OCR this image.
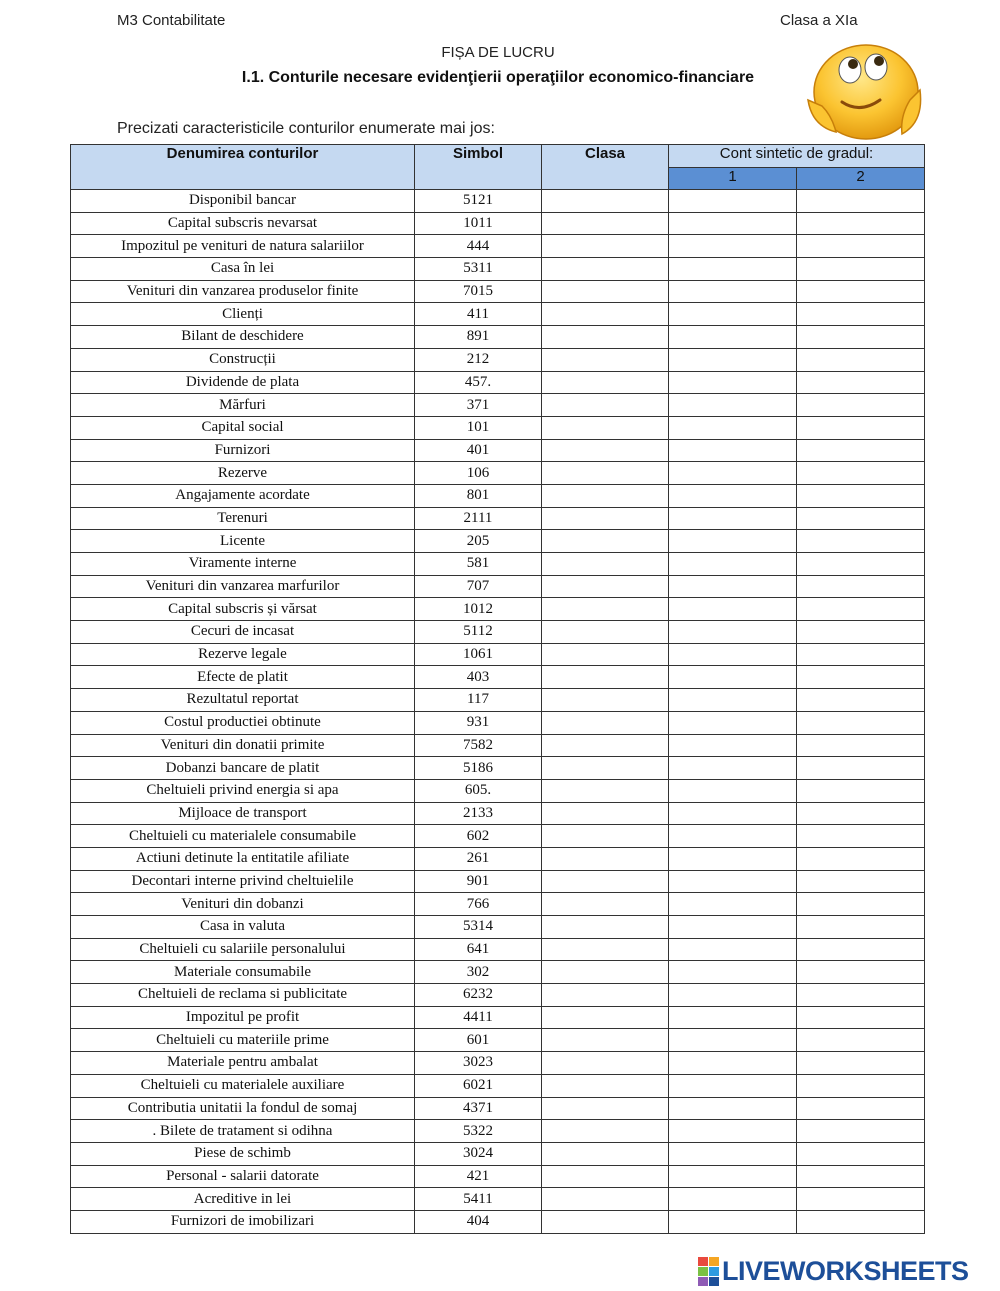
M3 Contabilitate	Clasa a XIa
FIȘA DE LUCRU
I.1. Conturile necesare evidenţierii operaţiilor economico-financiare
Precizati caracteristicile conturilor enumerate mai jos:
Denumirea conturilor	Simbol	Clasa	Cont sintetic de gradul:	
			1	2
Disponibil bancar	5121			
Capital subscris nevarsat	1011			
Impozitul pe venituri de natura salariilor	444			
Casa în lei	5311			
Venituri din vanzarea produselor finite	7015			
Clienți	411			
Bilant de deschidere	891			
Construcții	212			
Dividende de plata	457.			
Mărfuri	371			
Capital social	101			
Furnizori	401			
Rezerve	106			
Angajamente acordate	801			
Terenuri	2111			
Licente	205			
Viramente interne	581			
Venituri din vanzarea marfurilor	707			
Capital subscris și vărsat	1012			
Cecuri de incasat	5112			
Rezerve legale	1061			
Efecte de platit	403			
Rezultatul reportat	117			
Costul productiei obtinute	931			
Venituri din donatii primite	7582			
Dobanzi bancare de platit	5186			
Cheltuieli privind energia si apa	605.			
Mijloace de transport	2133			
Cheltuieli cu materialele consumabile	602			
Actiuni detinute la entitatile afiliate	261			
Decontari interne privind cheltuielile	901			
Venituri din dobanzi	766			
Casa in valuta	5314			
Cheltuieli cu salariile personalului	641			
Materiale consumabile	302			
Cheltuieli de reclama si publicitate	6232			
Impozitul pe profit	4411			
Cheltuieli cu materiile prime	601			
Materiale pentru ambalat	3023			
Cheltuieli cu materialele auxiliare	6021			
Contributia unitatii la fondul de somaj	4371			
. Bilete de tratament si odihna	5322			
Piese de schimb	3024			
Personal - salarii datorate	421			
Acreditive in lei	5411			
Furnizori de imobilizari	404			
LIVEWORKSHEETS
